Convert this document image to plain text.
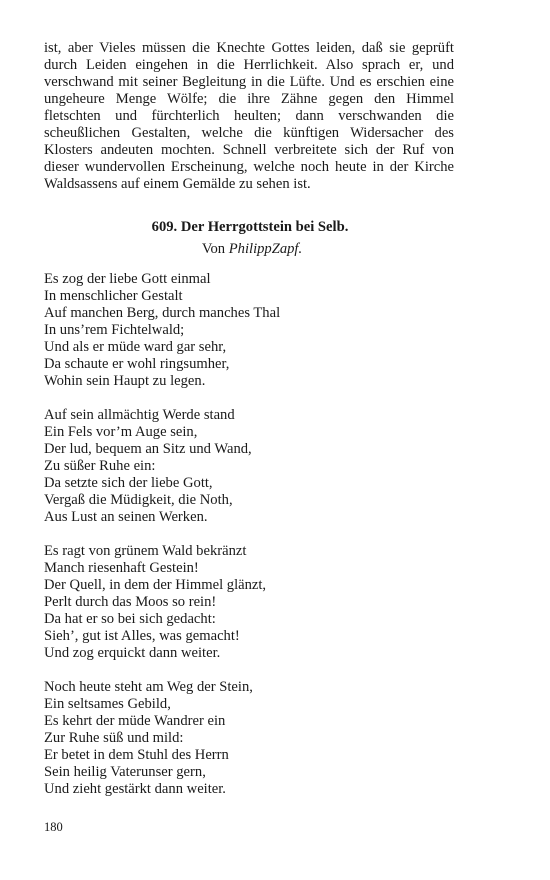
ist, aber Vieles müssen die Knechte Gottes leiden, daß sie geprüft durch Leiden eingehen in die Herrlichkeit. Also sprach er, und verschwand mit seiner Begleitung in die Lüfte. Und es erschien eine ungeheure Menge Wölfe; die ihre Zähne gegen den Himmel fletschten und fürchterlich heulten; dann verschwanden die scheußlichen Gestalten, welche die künftigen Widersacher des Klosters andeuten mochten. Schnell verbreitete sich der Ruf von dieser wundervollen Erscheinung, welche noch heute in der Kirche Waldsassens auf einem Gemälde zu sehen ist.

609. Der Herrgottstein bei Selb.

Von PhilippZapf.

Es zog der liebe Gott einmal
In menschlicher Gestalt
Auf manchen Berg, durch manches Thal
In uns’rem Fichtelwald;
Und als er müde ward gar sehr,
Da schaute er wohl ringsumher,
Wohin sein Haupt zu legen.
Auf sein allmächtig Werde stand
Ein Fels vor’m Auge sein,
Der lud, bequem an Sitz und Wand,
Zu süßer Ruhe ein:
Da setzte sich der liebe Gott,
Vergaß die Müdigkeit, die Noth,
Aus Lust an seinen Werken.
Es ragt von grünem Wald bekränzt
Manch riesenhaft Gestein!
Der Quell, in dem der Himmel glänzt,
Perlt durch das Moos so rein!
Da hat er so bei sich gedacht:
Sieh’, gut ist Alles, was gemacht!
Und zog erquickt dann weiter.
Noch heute steht am Weg der Stein,
Ein seltsames Gebild,
Es kehrt der müde Wandrer ein
Zur Ruhe süß und mild:
Er betet in dem Stuhl des Herrn
Sein heilig Vaterunser gern,
Und zieht gestärkt dann weiter.
180
